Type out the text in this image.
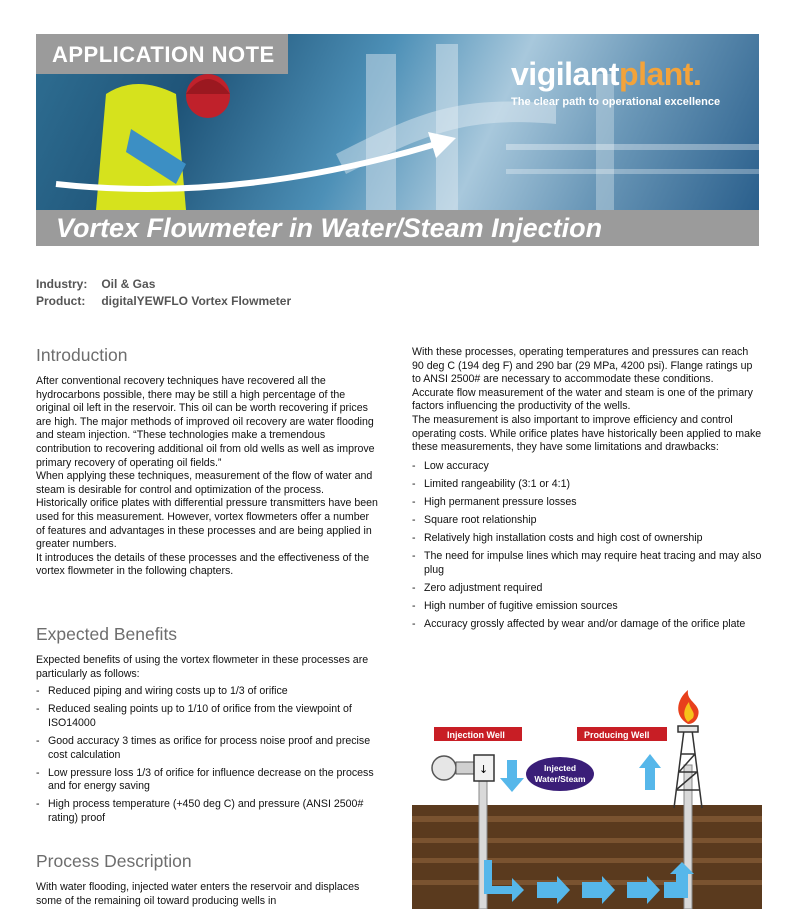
APPLICATION NOTE
vigilantplant.
The clear path to operational excellence
Vortex Flowmeter in Water/Steam Injection
Industry: Oil & Gas
Product: digitalYEWFLO Vortex Flowmeter
Introduction

After conventional recovery techniques have recovered all the hydrocarbons possible, there may be still a high percentage of the original oil left in the reservoir. This oil can be worth recovering if prices are high. The major methods of improved oil recovery are water flooding and steam injection. “These technologies make a tremendous contribution to recovering additional oil from old wells as well as improve primary recovery of operating oil fields.”

When applying these techniques, measurement of the flow of water and steam is desirable for control and optimization of the process. Historically orifice plates with differential pressure transmitters have been used for this measurement. However, vortex flowmeters offer a number of features and advantages in these processes and are being applied in greater numbers.

It introduces the details of these processes and the effectiveness of the vortex flowmeter in the following chapters.

Expected Benefits

Expected benefits of using the vortex flowmeter in these processes are particularly as follows:

- Reduced piping and wiring costs up to 1/3 of orifice
- Reduced sealing points up to 1/10 of orifice from the viewpoint of ISO14000
- Good accuracy 3 times as orifice for process noise proof and precise cost calculation
- Low pressure loss 1/3 of orifice for influence decrease on the process and for energy saving
- High process temperature (+450 deg C) and pressure (ANSI 2500# rating) proof
Process Description

With water flooding, injected water enters the reservoir and displaces some of the remaining oil toward producing wells in

With these processes, operating temperatures and pressures can reach 90 deg C (194 deg F) and 290 bar (29 MPa, 4200 psi). Flange ratings up to ANSI 2500# are necessary to accommodate these conditions.

Accurate flow measurement of the water and steam is one of the primary factors influencing the productivity of the wells.

The measurement is also important to improve efficiency and control operating costs. While orifice plates have historically been applied to make these measurements, they have some limitations and drawbacks:

- Low accuracy
- Limited rangeability (3:1 or 4:1)
- High permanent pressure losses
- Square root relationship
- Relatively high installation costs and high cost of ownership
- The need for impulse lines which may require heat tracing and may also plug
- Zero adjustment required
- High number of fugitive emission sources
- Accuracy grossly affected by wear and/or damage of the orifice plate
↓
Injection Well	Producing Well
Injected
Water/Steam
